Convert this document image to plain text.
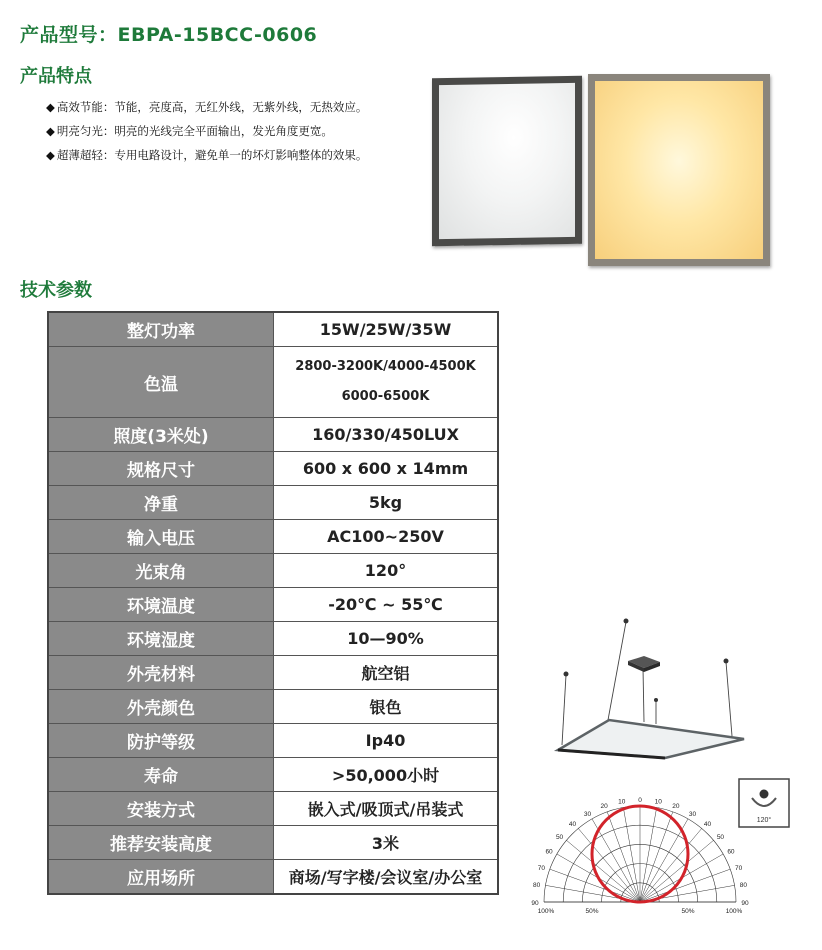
产品型号：EBPA-15BCC-0606
产品特点
◆ 高效节能：节能，亮度高，无红外线，无紫外线，无热效应。
◆ 明亮匀光：明亮的光线完全平面输出，发光角度更宽。
◆ 超薄超轻：专用电路设计，避免单一的坏灯影响整体的效果。
技术参数
整灯功率	15W/25W/35W
色温	2800-3200K/4000-4500K
6000-6500K

照度(3米处)	160/330/450LUX
规格尺寸	600 x 600 x 14mm
净重	5kg
输入电压	AC100~250V
光束角	120°
环境温度	-20℃ ~ 55℃
环境湿度	10—90%
外壳材料	航空铝
外壳颜色	银色
防护等级	Ip40
寿命	>50,000小时
安装方式	嵌入式/吸顶式/吊装式
推荐安装高度	3米
应用场所	商场/写字楼/会议室/办公室
120°
0
10	10
20	20
30	30
40	40
50	50
60	60
70	70
80	80
90	90
100%	50%	50%	100%
